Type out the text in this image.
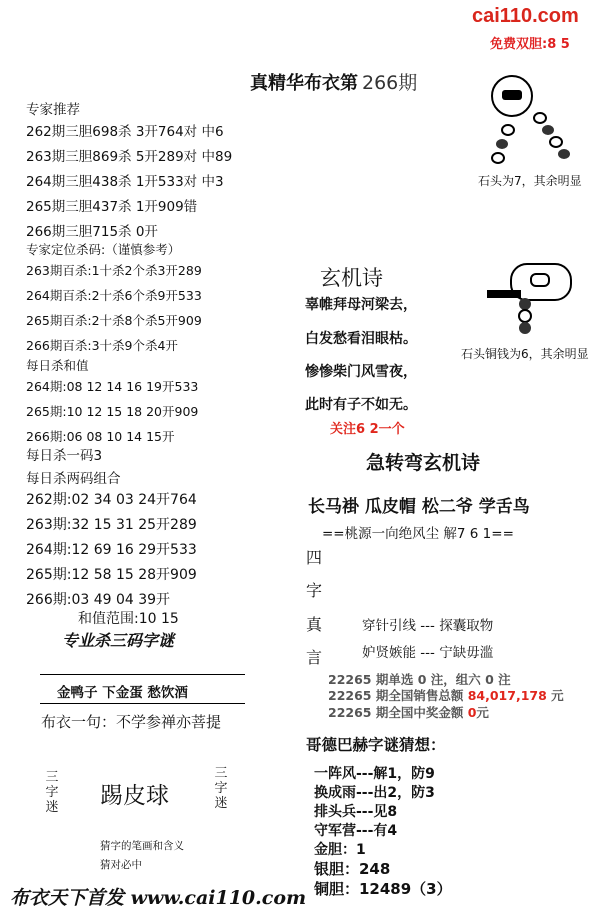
cai110.com
免费双胆:8 5
真精华布衣第 266期
专家推荐
262期三胆698杀 3开764对 中6
263期三胆869杀 5开289对 中89
264期三胆438杀 1开533对 中3
265期三胆437杀 1开909错
266期三胆715杀 0开
专家定位杀码:（谨慎参考）
263期百杀:1十杀2个杀3开289
264期百杀:2十杀6个杀9开533
265期百杀:2十杀8个杀5开909
266期百杀:3十杀9个杀4开
每日杀和值
264期:08 12 14 16 19开533
265期:10 12 15 18 20开909
266期:06 08 10 14 15开
每日杀一码3
每日杀两码组合
262期:02 34 03 24开764
263期:32 15 31 25开289
264期:12 69 16 29开533
265期:12 58 15 28开909
266期:03 49 04 39开
和值范围:10 15
专业杀三码字谜
金鸭子 下金蛋 愁饮酒
布衣一句：不学参禅亦菩提
三字迷
三字迷
踢皮球
猜字的笔画和含义
猜对必中
石头为7，其余明显
石头铜钱为6，其余明显
玄机诗
辜帷拜母河梁去，
白发愁看泪眼枯。
惨惨柴门风雪夜，
此时有子不如无。
关注6 2一个
急转弯玄机诗
长马褂 瓜皮帽 松二爷 学舌鸟
==桃源一向绝风尘 解7 6 1==
四
字
真
言
穿针引线 --- 探囊取物
妒贤嫉能 --- 宁缺毋滥
22265 期单选 0 注，组六 0 注
22265 期全国销售总额 84,017,178 元
22265 期全国中奖金额 0元
哥德巴赫字谜猜想：
一阵风---解1，防9
换成雨---出2，防3
排头兵---见8
守军营---有4
金胆：1
银胆：248
铜胆：12489（3）
布衣天下首发 www.cai110.com
